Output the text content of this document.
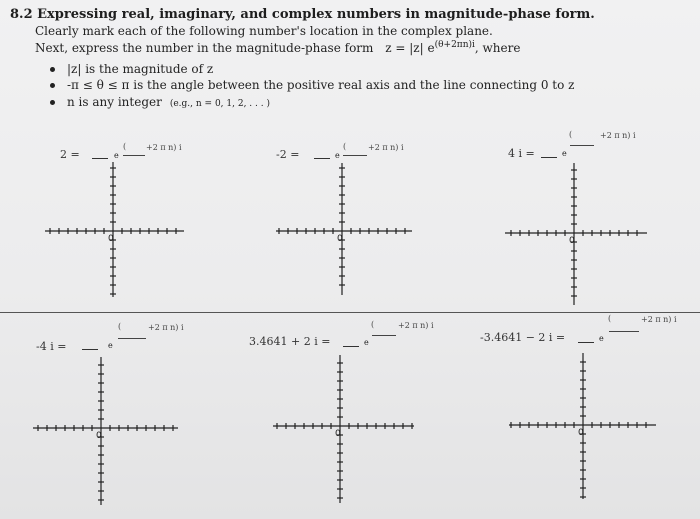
8.2 Expressing real, imaginary, and complex numbers in magnitude-phase form.
Clearly mark each of the following number's location in the complex plane.
Next, express the number in the magnitude-phase form z = |z| $e^{(\theta+2\pi n)i}$, where
|z| is the magnitude of z
-π ≤ θ ≤ π is the angle between the positive real axis and the line connecting 0 to z
n is any integer (e.g., n = 0, 1, 2, . . . )
2 =	e
( +2 π n) i
-2 =	e
(	+2 π n) i	4 i =	e
(	+2 π n) i
-4 i =	e
(	+2 π n) i
3.4641 + 2 i =	e
(	+2 π n) i
-3.4641 − 2 i =	e
(	+2 π n) i
0	0	0
0	0	0
